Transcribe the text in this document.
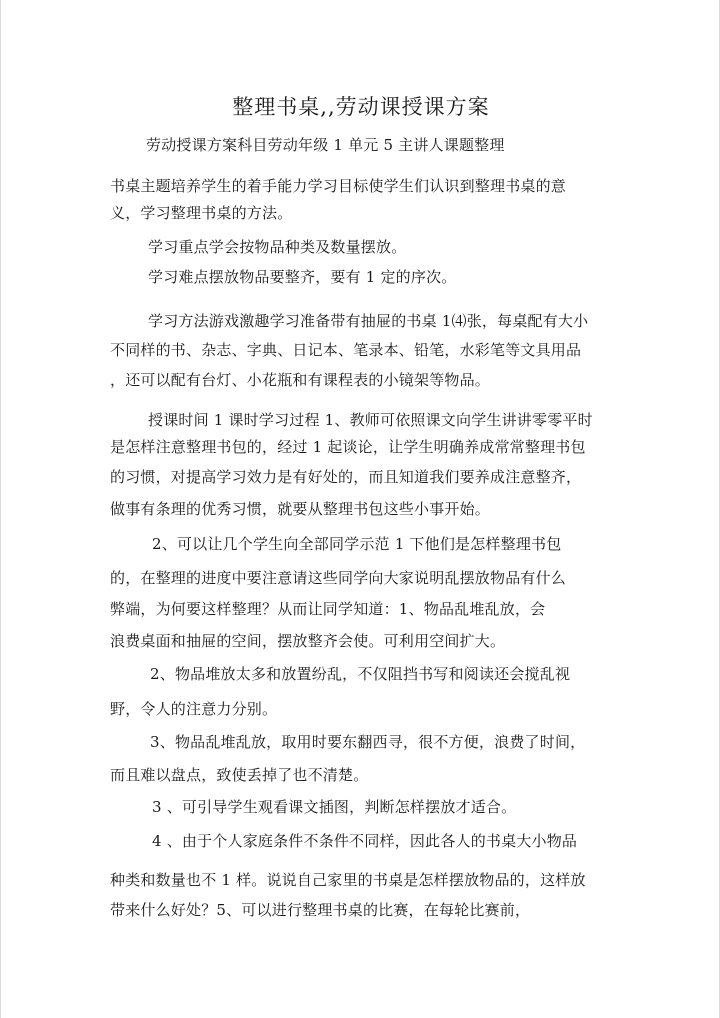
整理书桌,,劳动课授课方案
劳动授课方案科目劳动年级 1 单元 5 主讲人课题整理
书桌主题培养学生的着手能力学习目标使学生们认识到整理书桌的意
义，学习整理书桌的方法。
学习重点学会按物品种类及数量摆放。
学习难点摆放物品要整齐，要有 1 定的序次。
学习方法游戏激趣学习准备带有抽屉的书桌 1⑷张，每桌配有大小
不同样的书、杂志、字典、日记本、笔录本、铅笔，水彩笔等文具用品
，还可以配有台灯、小花瓶和有课程表的小镜架等物品。
授课时间 1 课时学习过程 1、教师可依照课文向学生讲讲零零平时
是怎样注意整理书包的，经过 1 起谈论，让学生明确养成常常整理书包
的习惯，对提高学习效力是有好处的，而且知道我们要养成注意整齐，
做事有条理的优秀习惯，就要从整理书包这些小事开始。
2、可以让几个学生向全部同学示范 1 下他们是怎样整理书包
的，在整理的进度中要注意请这些同学向大家说明乱摆放物品有什么
弊端，为何要这样整理？从而让同学知道：1、物品乱堆乱放，会
浪费桌面和抽屉的空间，摆放整齐会使。可利用空间扩大。
2、物品堆放太多和放置纷乱，不仅阻挡书写和阅读还会搅乱视
野，令人的注意力分别。
3、物品乱堆乱放，取用时要东翻西寻，很不方便，浪费了时间，
而且难以盘点，致使丢掉了也不清楚。
3 、可引导学生观看课文插图，判断怎样摆放才适合。
4 、由于个人家庭条件不条件不同样，因此各人的书桌大小物品
种类和数量也不 1 样。说说自己家里的书桌是怎样摆放物品的，这样放
带来什么好处？5、可以进行整理书桌的比赛，在每轮比赛前，
